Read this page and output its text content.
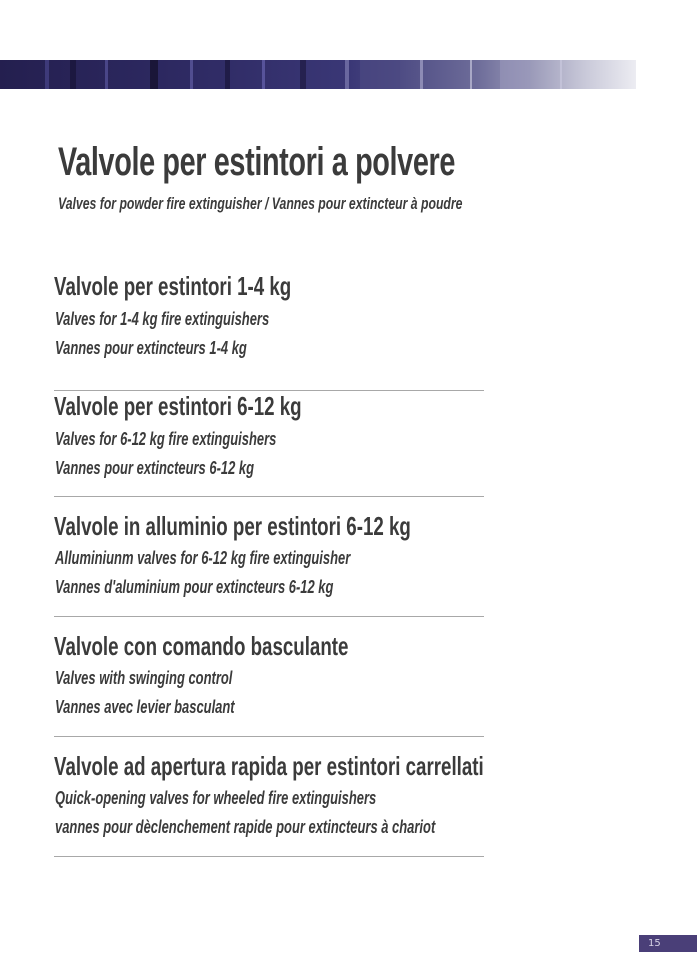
Valvole per estintori a polvere

Valves for powder fire extinguisher / Vannes pour extincteur à poudre

Valvole per estintori 1-4 kg
Valves for 1-4 kg fire extinguishers
Vannes pour extincteurs 1-4 kg
Valvole per estintori 6-12 kg
Valves for 6-12 kg fire extinguishers
Vannes pour extincteurs 6-12 kg
Valvole in alluminio per estintori 6-12 kg
Alluminiunm valves for 6-12 kg fire extinguisher
Vannes d'aluminium pour extincteurs 6-12 kg
Valvole con comando basculante
Valves with swinging control
Vannes avec levier basculant
Valvole ad apertura rapida per estintori carrellati
Quick-opening valves for wheeled fire extinguishers
vannes pour dèclenchement rapide pour extincteurs à chariot
15
